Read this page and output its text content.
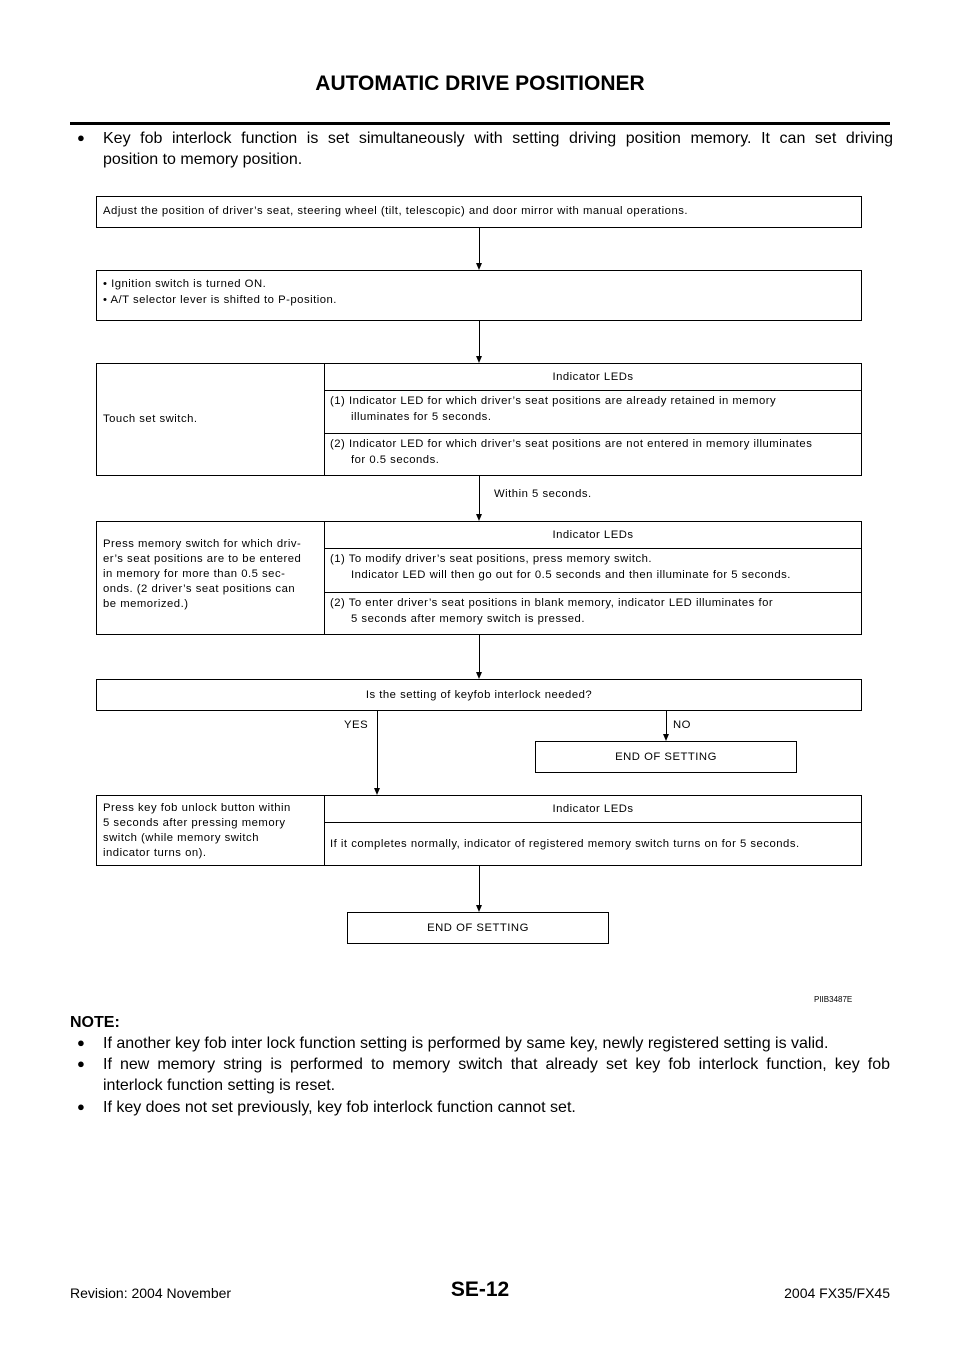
AUTOMATIC DRIVE POSITIONER
● Key fob interlock function is set simultaneously with setting driving position memory. It can set driving
position to memory position.
Adjust the position of driver’s seat, steering wheel (tilt, telescopic) and door mirror with manual operations.
• Ignition switch is turned ON.
• A/T selector lever is shifted to P-position.
Touch set switch.
Indicator LEDs
(1) Indicator LED for which driver’s seat positions are already retained in memory
illuminates for 5 seconds.
(2) Indicator LED for which driver’s seat positions are not entered in memory illuminates
for 0.5 seconds.
Within 5 seconds.
Press memory switch for which driv-
er’s seat positions are to be entered
in memory for more than 0.5 sec-
onds. (2 driver’s seat positions can
be memorized.)
Indicator LEDs
(1) To modify driver’s seat positions, press memory switch.
Indicator LED will then go out for 0.5 seconds and then illuminate for 5 seconds.
(2) To enter driver’s seat positions in blank memory, indicator LED illuminates for
5 seconds after memory switch is pressed.
Is the setting of keyfob interlock needed?
YES	NO
END OF SETTING
Press key fob unlock button within
5 seconds after pressing memory
switch (while memory switch
indicator turns on).
Indicator LEDs
If it completes normally, indicator of registered memory switch turns on for 5 seconds.
END OF SETTING
PIIB3487E
NOTE:
● If another key fob inter lock function setting is performed by same key, newly registered setting is valid.
● If new memory string is performed to memory switch that already set key fob interlock function, key fob
interlock function setting is reset.
● If key does not set previously, key fob interlock function cannot set.
Revision: 2004 November	SE-12	2004 FX35/FX45
